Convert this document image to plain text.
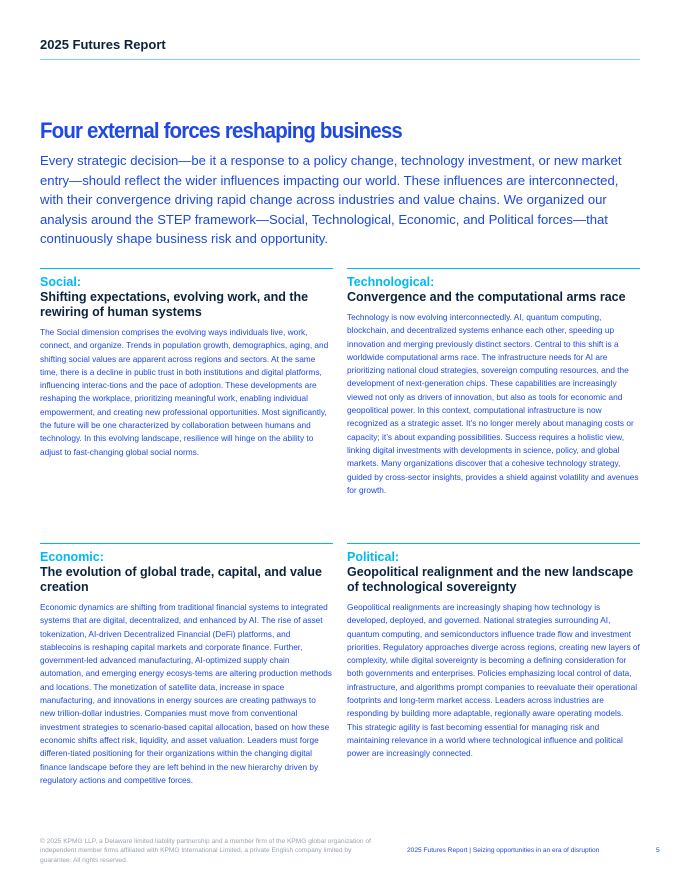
2025 Futures Report
Four external forces reshaping business
Every strategic decision—be it a response to a policy change, technology investment, or new market entry—should reflect the wider influences impacting our world. These influences are interconnected, with their convergence driving rapid change across industries and value chains. We organized our analysis around the STEP framework—Social, Technological, Economic, and Political forces—that continuously shape business risk and opportunity.
Social:
Shifting expectations, evolving work, and the rewiring of human systems
The Social dimension comprises the evolving ways individuals live, work, connect, and organize. Trends in population growth, demographics, aging, and shifting social values are apparent across regions and sectors. At the same time, there is a decline in public trust in both institutions and digital platforms, influencing interac-tions and the pace of adoption. These developments are reshaping the workplace, prioritizing meaningful work, enabling individual empowerment, and creating new professional opportunities. Most significantly, the future will be one characterized by collaboration between humans and technology. In this evolving landscape, resilience will hinge on the ability to adjust to fast-changing global social norms.
Technological:
Convergence and the computational arms race
Technology is now evolving interconnectedly. AI, quantum computing, blockchain, and decentralized systems enhance each other, speeding up innovation and merging previously distinct sectors. Central to this shift is a worldwide computational arms race. The infrastructure needs for AI are prioritizing national cloud strategies, sovereign computing resources, and the development of next-generation chips. These capabilities are increasingly viewed not only as drivers of innovation, but also as tools for economic and geopolitical power. In this context, computational infrastructure is now recognized as a strategic asset. It’s no longer merely about managing costs or capacity; it’s about expanding possibilities. Success requires a holistic view, linking digital investments with developments in science, policy, and global markets. Many organizations discover that a cohesive technology strategy, guided by cross-sector insights, provides a shield against volatility and avenues for growth.
Economic:
The evolution of global trade, capital, and value creation
Economic dynamics are shifting from traditional financial systems to integrated systems that are digital, decentralized, and enhanced by AI. The rise of asset tokenization, AI-driven Decentralized Financial (DeFi) platforms, and stablecoins is reshaping capital markets and corporate finance. Further, government-led advanced manufacturing, AI-optimized supply chain automation, and emerging energy ecosys-tems are altering production methods and locations. The monetization of satellite data, increase in space manufacturing, and innovations in energy sources are creating pathways to new trillion-dollar industries. Companies must move from conventional investment strategies to scenario-based capital allocation, based on how these economic shifts affect risk, liquidity, and asset valuation. Leaders must forge differen-tiated positioning for their organizations within the changing digital finance landscape before they are left behind in the new hierarchy driven by regulatory actions and competitive forces.
Political:
Geopolitical realignment and the new landscape of technological sovereignty
Geopolitical realignments are increasingly shaping how technology is developed, deployed, and governed. National strategies surrounding AI, quantum computing, and semiconductors influence trade flow and investment priorities. Regulatory approaches diverge across regions, creating new layers of complexity, while digital sovereignty is becoming a defining consideration for both governments and enterprises. Policies emphasizing local control of data, infrastructure, and algorithms prompt companies to reevaluate their operational footprints and long-term market access. Leaders across industries are responding by building more adaptable, regionally aware operating models. This strategic agility is fast becoming essential for managing risk and maintaining relevance in a world where technological influence and political power are increasingly connected.
© 2025 KPMG LLP, a Delaware limited liability partnership and a member firm of the KPMG global organization of independent member firms affiliated with KPMG International Limited, a private English company limited by guarantee. All rights reserved.
2025 Futures Report | Seizing opportunities in an era of disruption	5
